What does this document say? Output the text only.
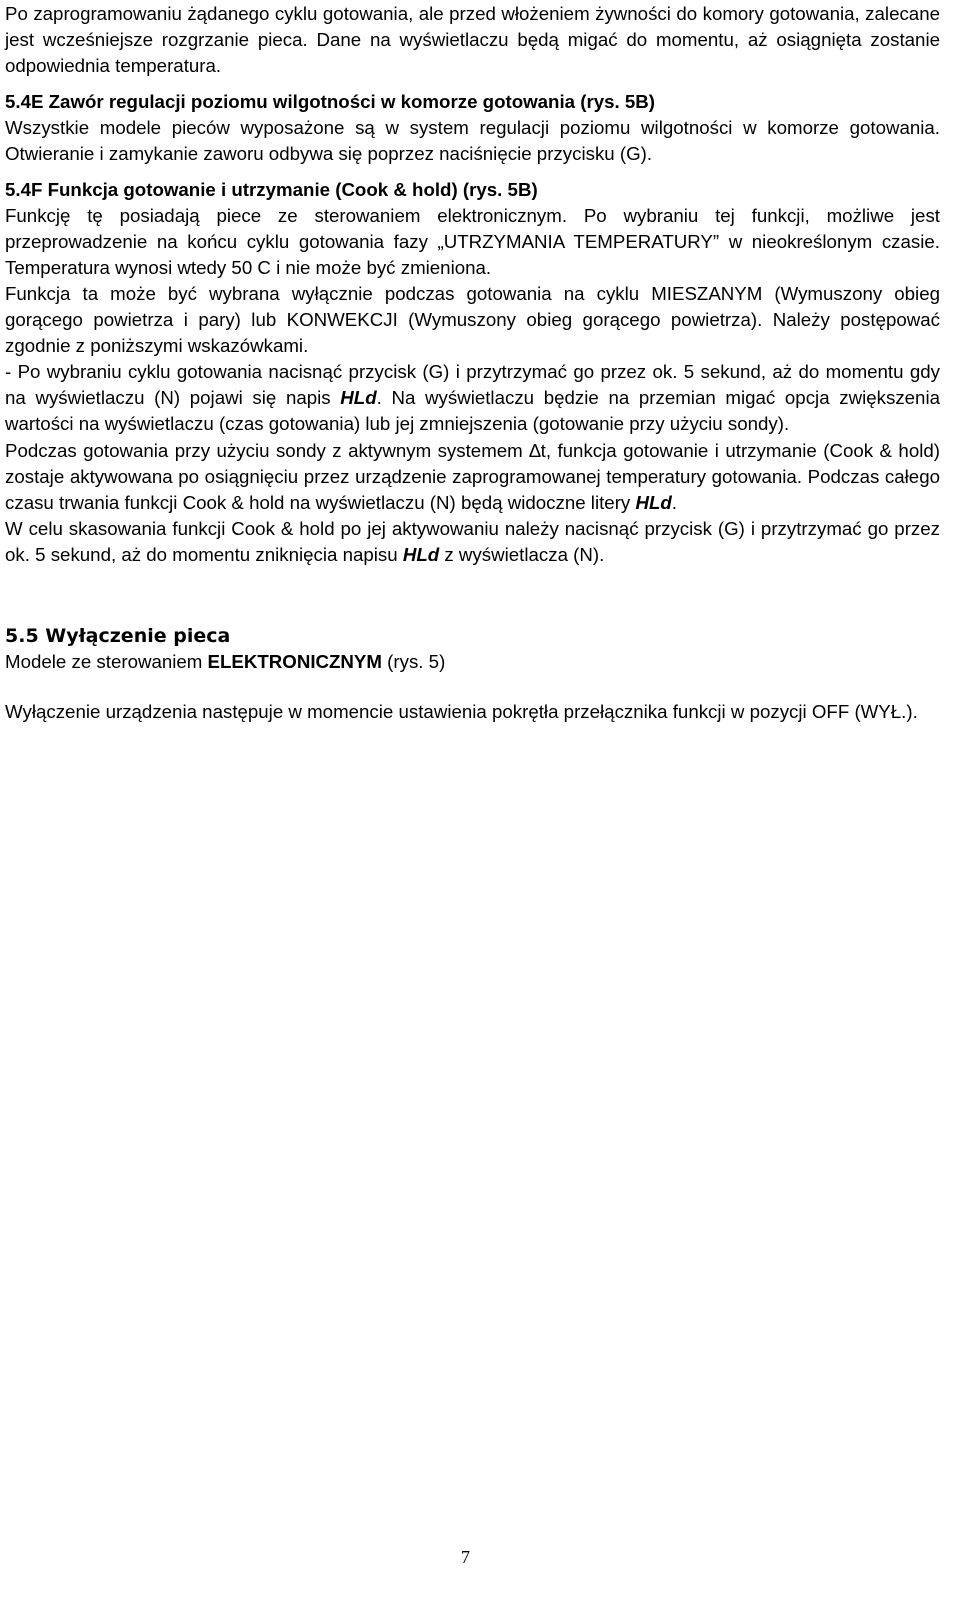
Po zaprogramowaniu żądanego cyklu gotowania, ale przed włożeniem żywności do komory gotowania, zalecane jest wcześniejsze rozgrzanie pieca. Dane na wyświetlaczu będą migać do momentu, aż osiągnięta zostanie odpowiednia temperatura.

5.4E Zawór regulacji poziomu wilgotności w komorze gotowania (rys. 5B)

Wszystkie modele pieców wyposażone są w system regulacji poziomu wilgotności w komorze gotowania. Otwieranie i zamykanie zaworu odbywa się poprzez naciśnięcie przycisku (G).

5.4F Funkcja gotowanie i utrzymanie (Cook & hold) (rys. 5B)

Funkcję tę posiadają piece ze sterowaniem elektronicznym. Po wybraniu tej funkcji, możliwe jest przeprowadzenie na końcu cyklu gotowania fazy „UTRZYMANIA TEMPERATURY” w nieokreślonym czasie. Temperatura wynosi wtedy 50 C i nie może być zmieniona.

Funkcja ta może być wybrana wyłącznie podczas gotowania na cyklu MIESZANYM (Wymuszony obieg gorącego powietrza i pary) lub KONWEKCJI (Wymuszony obieg gorącego powietrza). Należy postępować zgodnie z poniższymi wskazówkami.

- Po wybraniu cyklu gotowania nacisnąć przycisk (G) i przytrzymać go przez ok. 5 sekund, aż do momentu gdy na wyświetlaczu (N) pojawi się napis HLd. Na wyświetlaczu będzie na przemian migać opcja zwiększenia wartości na wyświetlaczu (czas gotowania) lub jej zmniejszenia (gotowanie przy użyciu sondy).

Podczas gotowania przy użyciu sondy z aktywnym systemem ∆t, funkcja gotowanie i utrzymanie (Cook & hold) zostaje aktywowana po osiągnięciu przez urządzenie zaprogramowanej temperatury gotowania. Podczas całego czasu trwania funkcji Cook & hold na wyświetlaczu (N) będą widoczne litery HLd.

W celu skasowania funkcji Cook & hold po jej aktywowaniu należy nacisnąć przycisk (G) i przytrzymać go przez ok. 5 sekund, aż do momentu zniknięcia napisu HLd z wyświetlacza (N).

5.5 Wyłączenie pieca

Modele ze sterowaniem ELEKTRONICZNYM (rys. 5)

Wyłączenie urządzenia następuje w momencie ustawienia pokrętła przełącznika funkcji w pozycji OFF (WYŁ.).

7
